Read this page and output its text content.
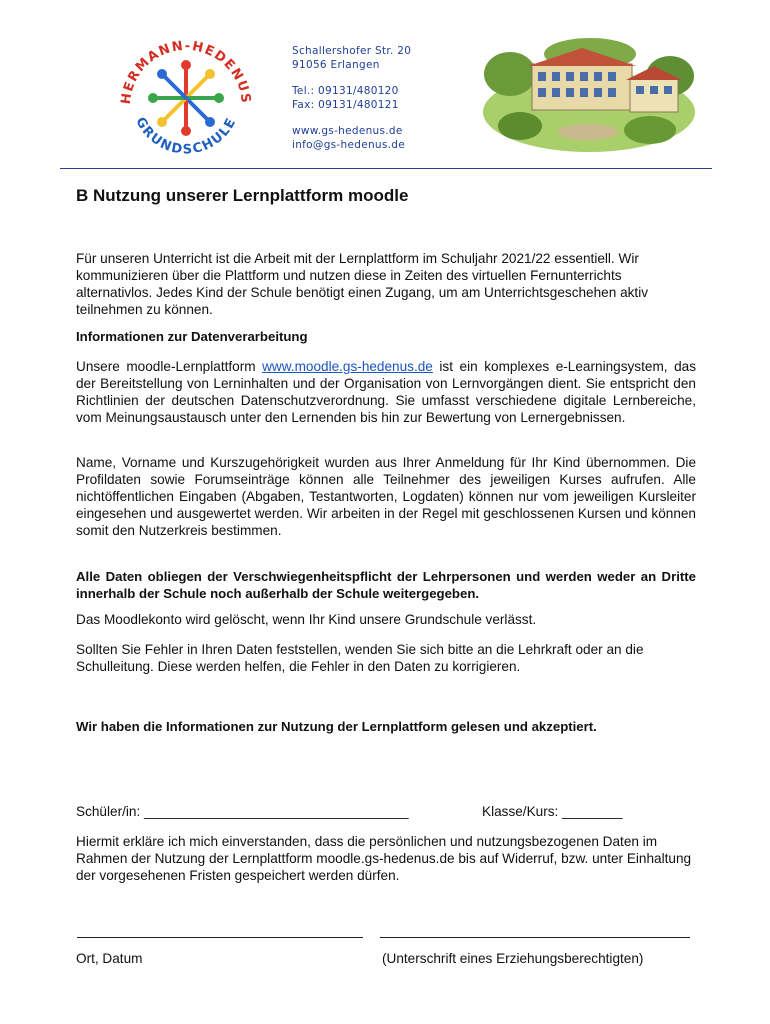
HERMANN-HEDENUS
GRUNDSCHULE
Schallershofer Str. 20
91056 Erlangen
Tel.: 09131/480120
Fax: 09131/480121
www.gs-hedenus.de
info@gs-hedenus.de
B Nutzung unserer Lernplattform moodle

Für unseren Unterricht ist die Arbeit mit der Lernplattform im Schuljahr 2021/22 essentiell. Wir kommunizieren über die Plattform und nutzen diese in Zeiten des virtuellen Fernunterrichts alternativlos. Jedes Kind der Schule benötigt einen Zugang, um am Unterrichtsgeschehen aktiv teilnehmen zu können.

Informationen zur Datenverarbeitung

Unsere moodle-Lernplattform www.moodle.gs-hedenus.de ist ein komplexes e-Learningsystem, das der Bereitstellung von Lerninhalten und der Organisation von Lernvorgängen dient. Sie entspricht den Richtlinien der deutschen Datenschutzverordnung. Sie umfasst verschiedene digitale Lernbereiche, vom Meinungsaustausch unter den Lernenden bis hin zur Bewertung von Lernergebnissen.

Name, Vorname und Kurszugehörigkeit wurden aus Ihrer Anmeldung für Ihr Kind übernommen. Die Profildaten sowie Forumseinträge können alle Teilnehmer des jeweiligen Kurses aufrufen. Alle nichtöffentlichen Eingaben (Abgaben, Testantworten, Logdaten) können nur vom jeweiligen Kursleiter eingesehen und ausgewertet werden. Wir arbeiten in der Regel mit geschlossenen Kursen und können somit den Nutzerkreis bestimmen.

Alle Daten obliegen der Verschwiegenheitspflicht der Lehrpersonen und werden weder an Dritte innerhalb der Schule noch außerhalb der Schule weitergegeben.

Das Moodlekonto wird gelöscht, wenn Ihr Kind unsere Grundschule verlässt.

Sollten Sie Fehler in Ihren Daten feststellen, wenden Sie sich bitte an die Lehrkraft oder an die Schulleitung. Diese werden helfen, die Fehler in den Daten zu korrigieren.

Wir haben die Informationen zur Nutzung der Lernplattform gelesen und akzeptiert.

Schüler/in: ___________________________________	Klasse/Kurs: ________

Hiermit erkläre ich mich einverstanden, dass die persönlichen und nutzungsbezogenen Daten im Rahmen der Nutzung der Lernplattform moodle.gs-hedenus.de bis auf Widerruf, bzw. unter Einhaltung der vorgesehenen Fristen gespeichert werden dürfen.

Ort, Datum	(Unterschrift eines Erziehungsberechtigten)
